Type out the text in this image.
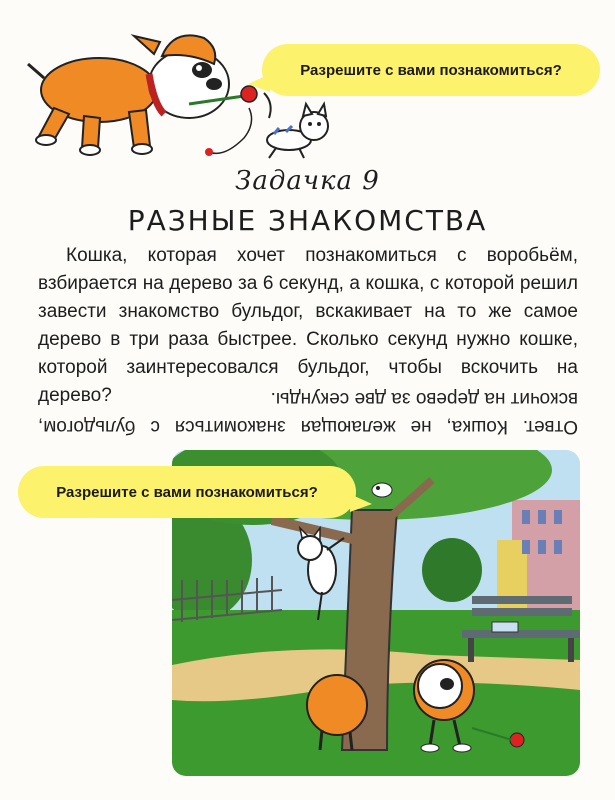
Разрешите с вами познакомиться?
Задачка 9
РАЗНЫЕ ЗНАКОМСТВА
Кошка, которая хочет познакомиться с воробьём, взбирается на дерево за 6 секунд, а кошка, с которой решил завести знакомство бульдог, вскакивает на то же самое дерево в три раза быстрее. Сколько секунд нужно кошке, которой заинтересовался бульдог, чтобы вскочить на дерево?
Ответ. Кошка, не желающая знакомиться с бульдогом, вскочит на дерево за две секунды.
Разрешите с вами познакомиться?
